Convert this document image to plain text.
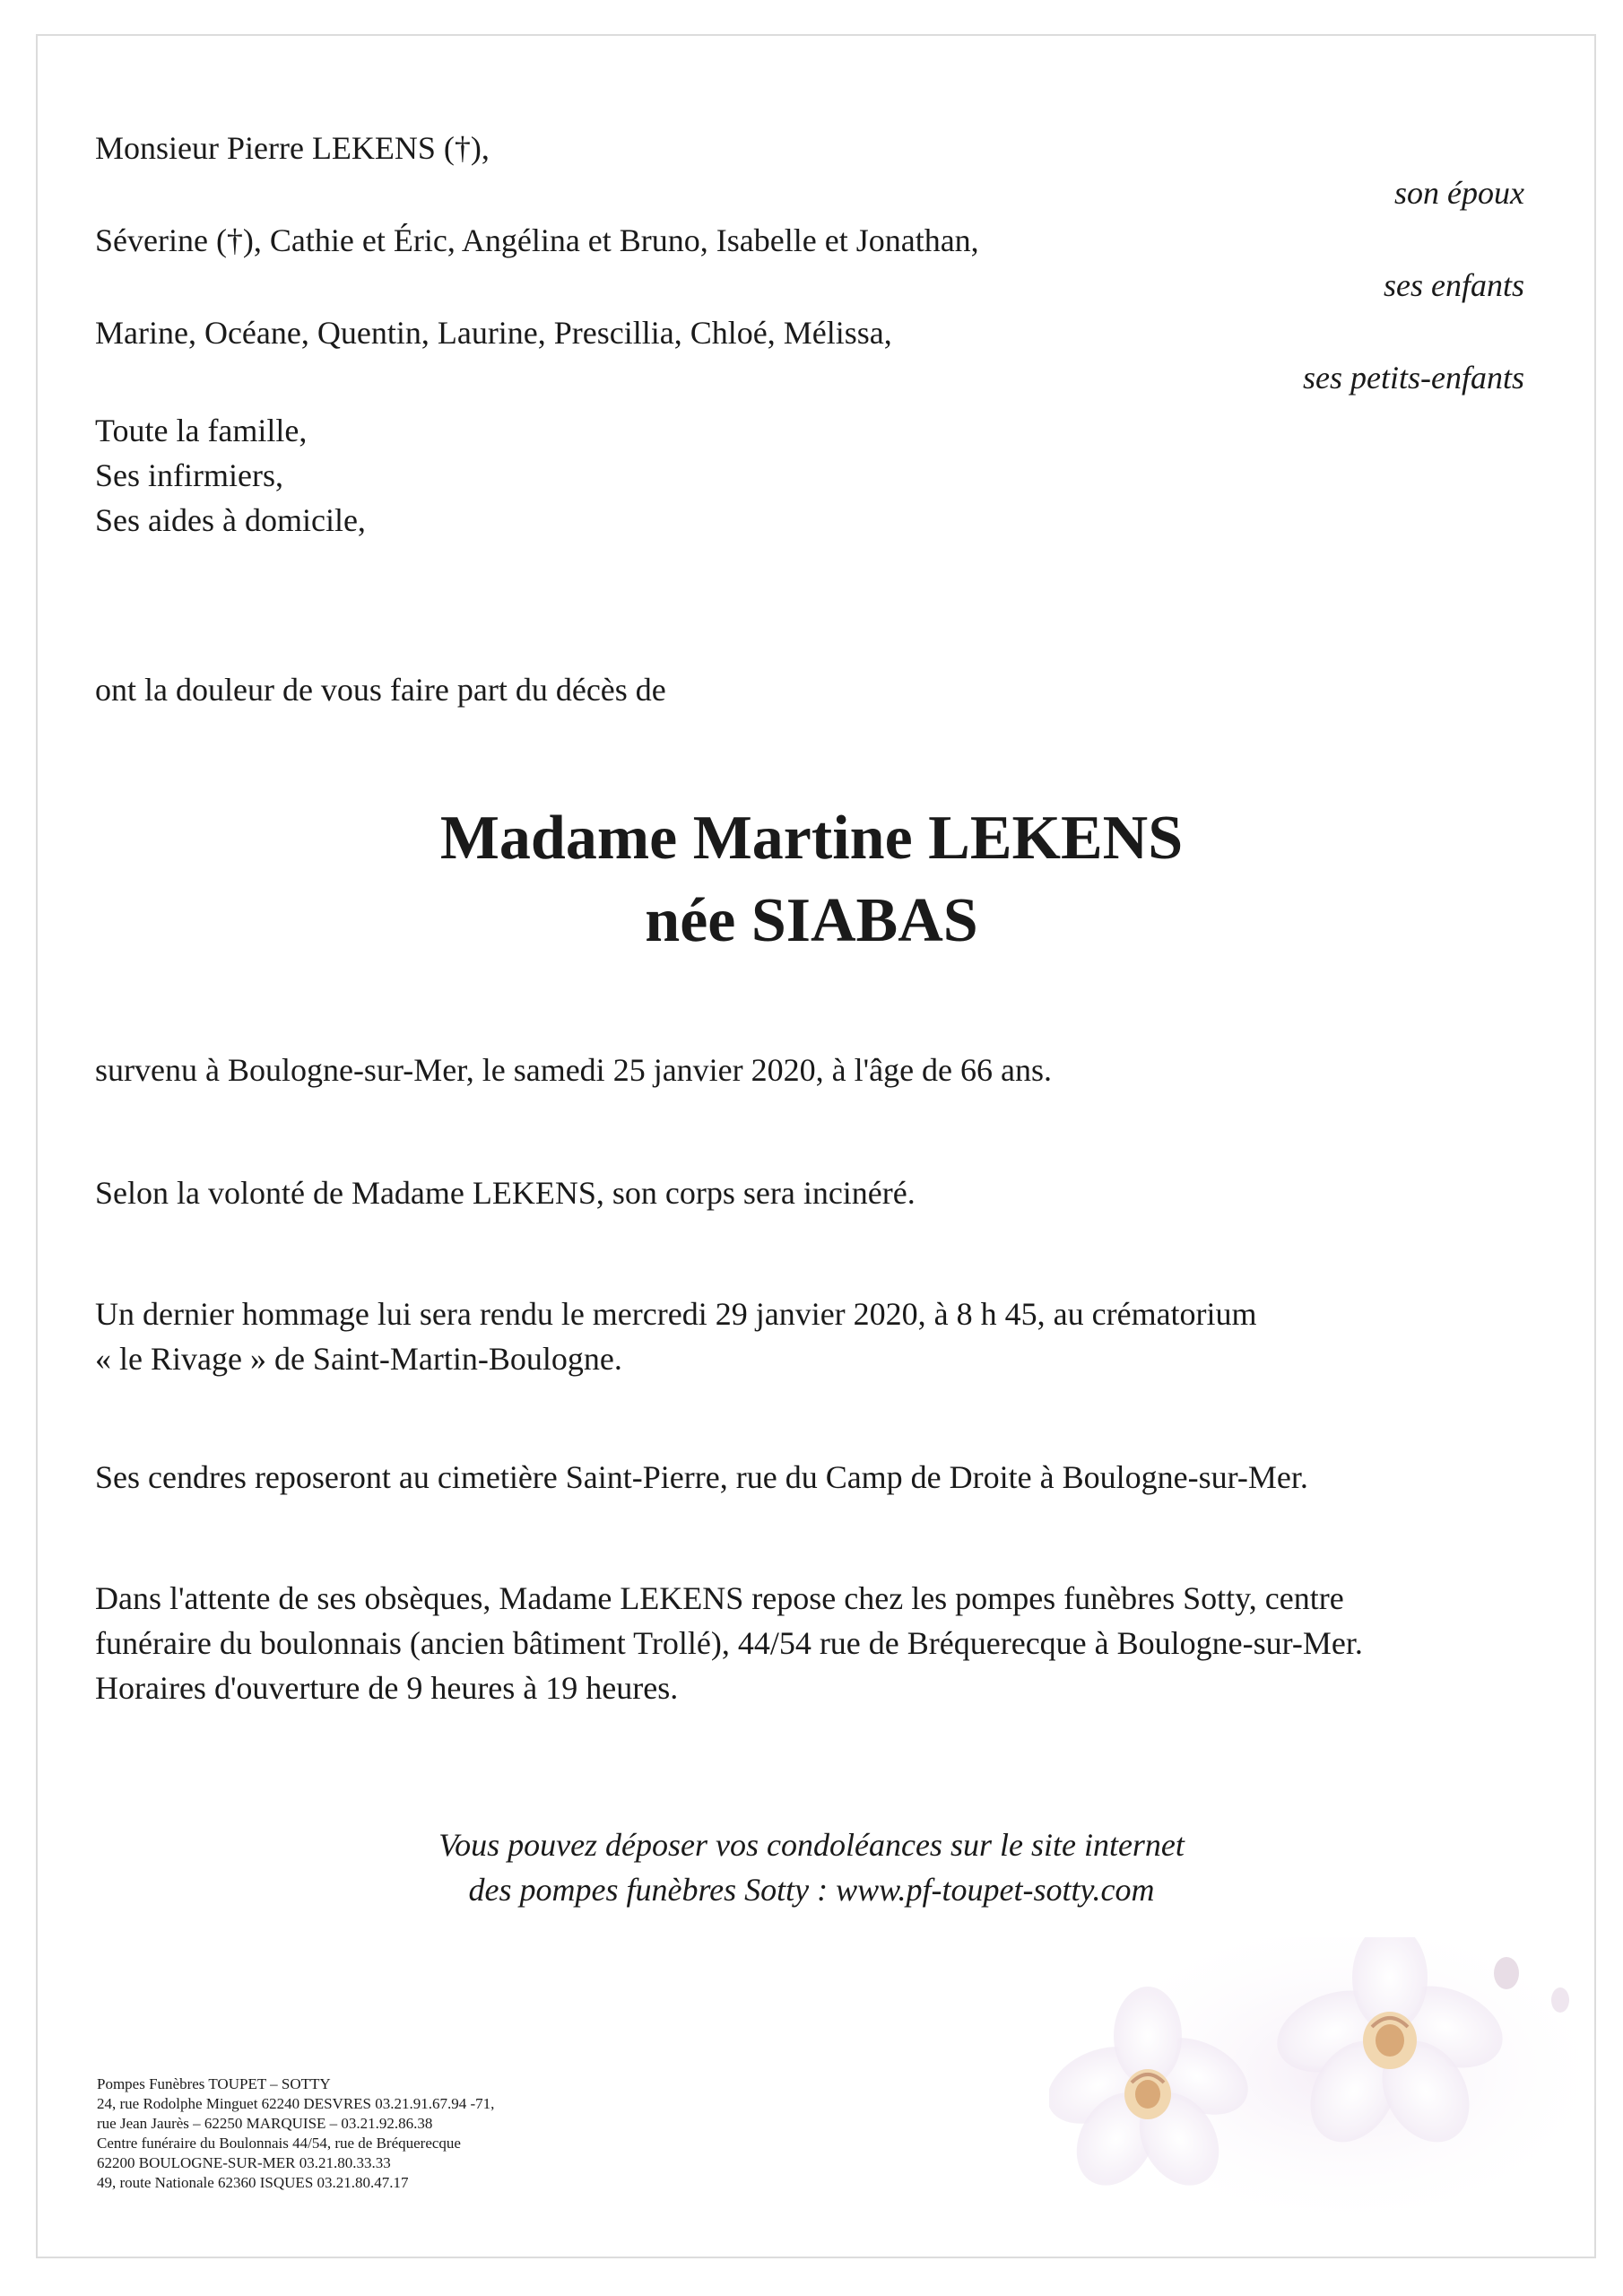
Monsieur Pierre LEKENS (†),
son époux
Séverine (†), Cathie et Éric, Angélina et Bruno, Isabelle et Jonathan,
ses enfants
Marine, Océane, Quentin, Laurine, Prescillia, Chloé, Mélissa,
ses petits-enfants
Toute la famille,
Ses infirmiers,
Ses aides à domicile,
ont la douleur de vous faire part du décès de
Madame Martine LEKENS
née SIABAS
survenu à Boulogne-sur-Mer, le samedi 25 janvier 2020, à l'âge de 66 ans.
Selon la volonté de Madame LEKENS, son corps sera incinéré.
Un dernier hommage lui sera rendu le mercredi 29 janvier 2020, à 8 h 45, au crématorium
« le Rivage » de Saint-Martin-Boulogne.
Ses cendres reposeront au cimetière Saint-Pierre, rue du Camp de Droite à Boulogne-sur-Mer.
Dans l'attente de ses obsèques, Madame LEKENS repose chez les pompes funèbres Sotty, centre
funéraire du boulonnais (ancien bâtiment Trollé), 44/54 rue de Bréquerecque à Boulogne-sur-Mer.
Horaires d'ouverture de 9 heures à 19 heures.
Vous pouvez déposer vos condoléances sur le site internet
des pompes funèbres Sotty : www.pf-toupet-sotty.com
Pompes Funèbres TOUPET – SOTTY
24, rue Rodolphe Minguet 62240 DESVRES 03.21.91.67.94 -71,
rue Jean Jaurès – 62250 MARQUISE – 03.21.92.86.38
Centre funéraire du Boulonnais 44/54, rue de Bréquerecque
62200 BOULOGNE-SUR-MER 03.21.80.33.33
49, route Nationale 62360 ISQUES 03.21.80.47.17
